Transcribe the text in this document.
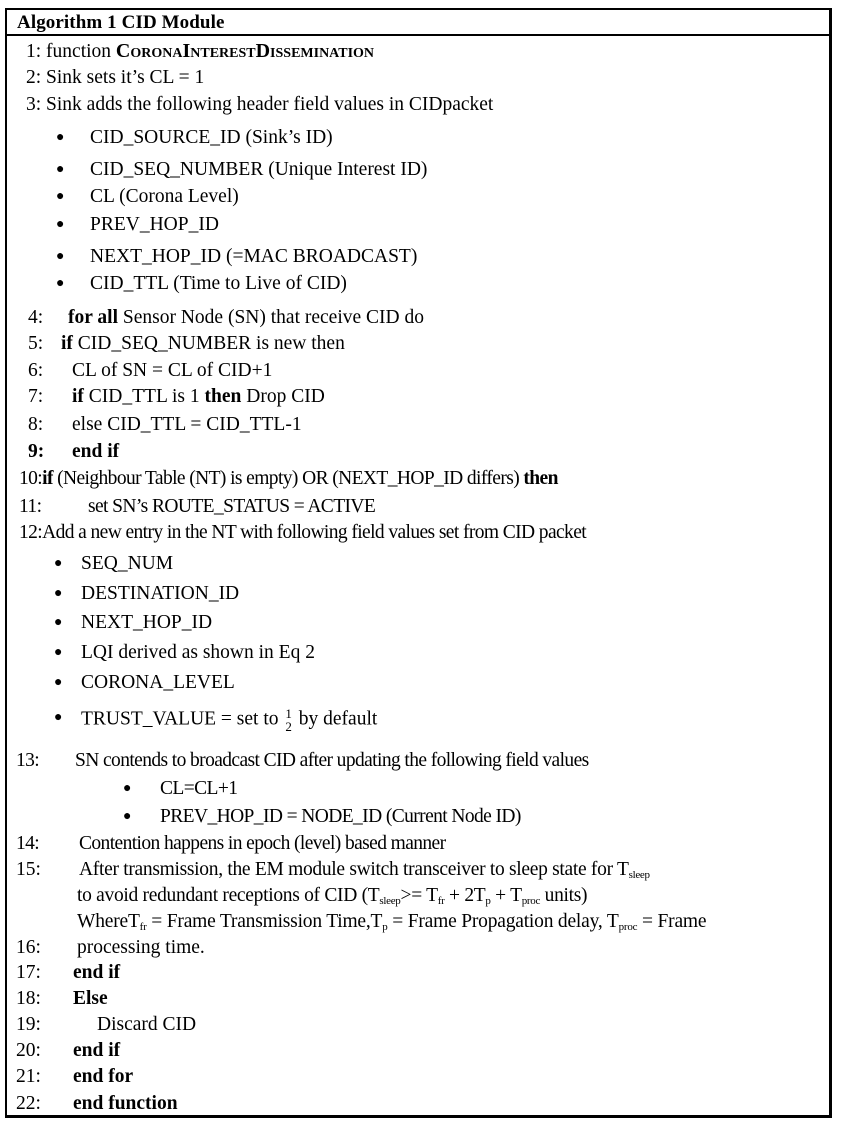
Algorithm 1 CID Module
1: function CoronaInterestDissemination
2: Sink sets it’s CL = 1
3: Sink adds the following header field values in CIDpacket
● CID_SOURCE_ID (Sink’s ID)
● CID_SEQ_NUMBER (Unique Interest ID)
● CL (Corona Level)
● PREV_HOP_ID
● NEXT_HOP_ID (=MAC BROADCAST)
● CID_TTL (Time to Live of CID)
4: for all Sensor Node (SN) that receive CID do
5: if CID_SEQ_NUMBER is new then
6: CL of SN = CL of CID+1
7: if CID_TTL is 1 then Drop CID
8: else CID_TTL = CID_TTL-1
9: end if
10:if (Neighbour Table (NT) is empty) OR (NEXT_HOP_ID differs) then
11: set SN’s ROUTE_STATUS = ACTIVE
12:Add a new entry in the NT with following field values set from CID packet
● SEQ_NUM
● DESTINATION_ID
● NEXT_HOP_ID
● LQI derived as shown in Eq 2
● CORONA_LEVEL
● TRUST_VALUE = set to 1
2 by default
13: SN contends to broadcast CID after updating the following field values
● CL=CL+1
● PREV_HOP_ID = NODE_ID (Current Node ID)
14: Contention happens in epoch (level) based manner
15: After transmission, the EM module switch transceiver to sleep state for $T_{sleep}$
to avoid redundant receptions of CID ($T_{sleep}>= T_{fr} + 2T_p + T_{proc}$ units)
WhereT$_{fr}$ = Frame Transmission $Time,T_p$ = Frame Propagation delay, $T_{proc}$ = Frame
16: processing time.
17: end if
18: Else
19:	Discard CID
20: end if
21: end for
22: end function
